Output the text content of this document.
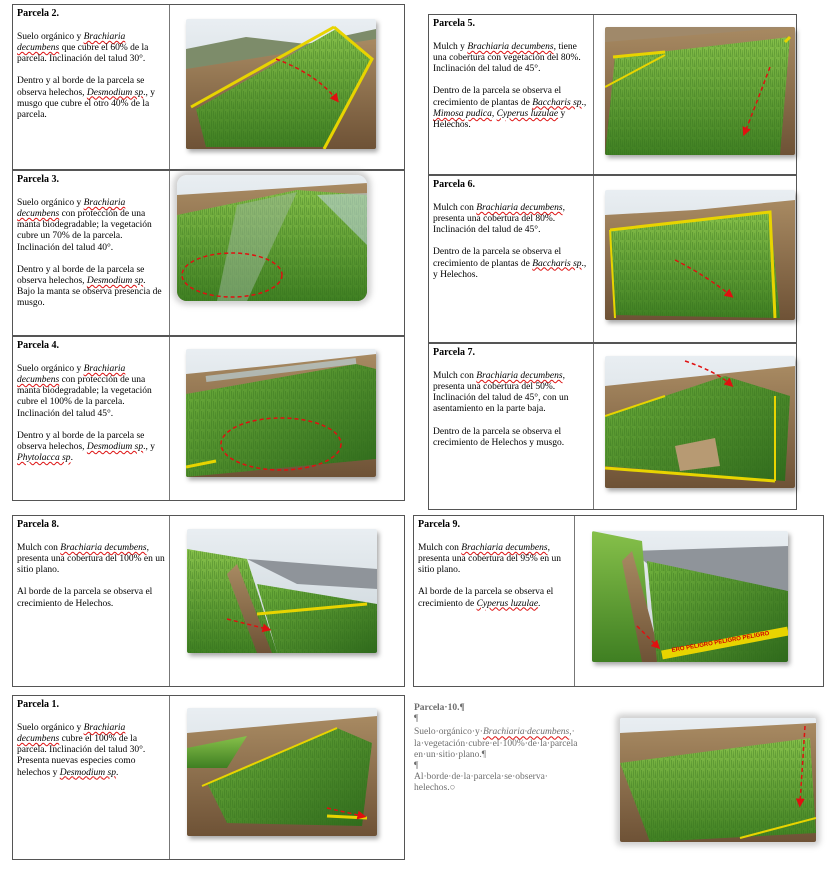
Parcela 2.
Suelo orgánico y Brachiaria decumbens que cubre el 60% de la parcela. Inclinación del talud 30°.
Dentro y al borde de la parcela se observa helechos, Desmodium sp., y musgo que cubre el otro 40% de la parcela.
Parcela 3.
Suelo orgánico y Brachiaria decumbens con protección de una manta biodegradable; la vegetación cubre un 70% de la parcela. Inclinación del talud 40°.
Dentro y al borde de la parcela se observa helechos, Desmodium sp. Bajo la manta se observa presencia de musgo.
Parcela 4.
Suelo orgánico y Brachiaria decumbens con protección de una manta biodegradable; la vegetación cubre el 100% de la parcela. Inclinación del talud 45°.
Dentro y al borde de la parcela se observa helechos, Desmodium sp., y Phytolacca sp.
Parcela 5.
Mulch y Brachiaria decumbens, tiene una cobertura con vegetación del 80%. Inclinación del talud de 45°.
Dentro de la parcela se observa el crecimiento de plantas de Baccharis sp., Mimosa pudica, Cyperus luzulae y Helechos.
Parcela 6.
Mulch con Brachiaria decumbens, presenta una cobertura del 80%. Inclinación del talud de 45°.
Dentro de la parcela se observa el crecimiento de plantas de Baccharis sp., y Helechos.
Parcela 7.
Mulch con Brachiaria decumbens, presenta una cobertura del 50%. Inclinación del talud de 45°, con un asentamiento en la parte baja.
Dentro de la parcela se observa el crecimiento de Helechos y musgo.
Parcela 8.
Mulch con Brachiaria decumbens, presenta una cobertura del 100% en un sitio plano.
Al borde de la parcela se observa el crecimiento de Helechos.
Parcela 9.
Mulch con Brachiaria decumbens, presenta una cobertura del 95% en un sitio plano.
Al borde de la parcela se observa el crecimiento de Cyperus luzulae.
ERO PELIGRO PELIGRO PELIGRO
Parcela 1.
Suelo orgánico y Brachiaria decumbens cubre el 100% de la parcela. Inclinación del talud 30°. Presenta nuevas especies como helechos y Desmodium sp.
Parcela·10.¶
¶
Suelo·orgánico·y·Brachiaria·decumbens,· la·vegetación·cubre·el·100%·de·la·parcela en·un·sitio·plano.¶
¶
Al·borde·de·la·parcela·se·observa· helechos.○
